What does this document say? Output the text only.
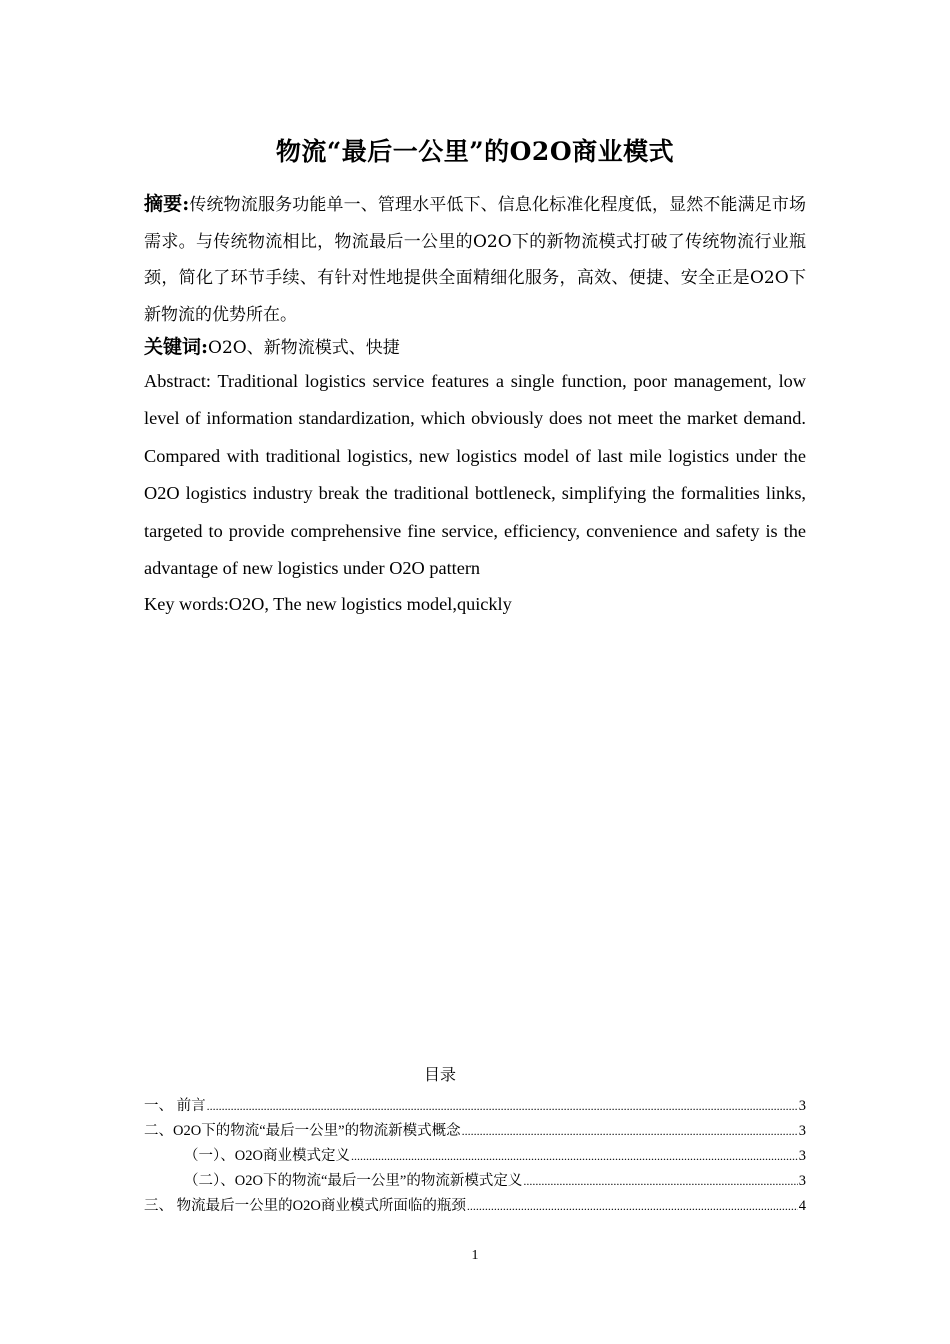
物流“最后一公里”的O2O商业模式
摘要:传统物流服务功能单一、管理水平低下、信息化标准化程度低，显然不能满足市场需求。与传统物流相比，物流最后一公里的O2O下的新物流模式打破了传统物流行业瓶颈，简化了环节手续、有针对性地提供全面精细化服务，高效、便捷、安全正是O2O下新物流的优势所在。
关键词:O2O、新物流模式、快捷
Abstract: Traditional logistics service features a single function, poor management, low level of information standardization, which obviously does not meet the market demand. Compared with traditional logistics, new logistics model of last mile logistics under the O2O logistics industry break the traditional bottleneck, simplifying the formalities links, targeted to provide comprehensive fine service, efficiency, convenience and safety is the advantage of new logistics under O2O pattern
Key words:O2O, The new logistics model,quickly
目录
一、 前言 .....	3
二、O2O下的物流“最后一公里”的物流新模式概念 .....	3
（一）、O2O商业模式定义 .....	3
（二）、O2O下的物流“最后一公里”的物流新模式定义 .....	3
三、 物流最后一公里的O2O商业模式所面临的瓶颈 .....	4
1
